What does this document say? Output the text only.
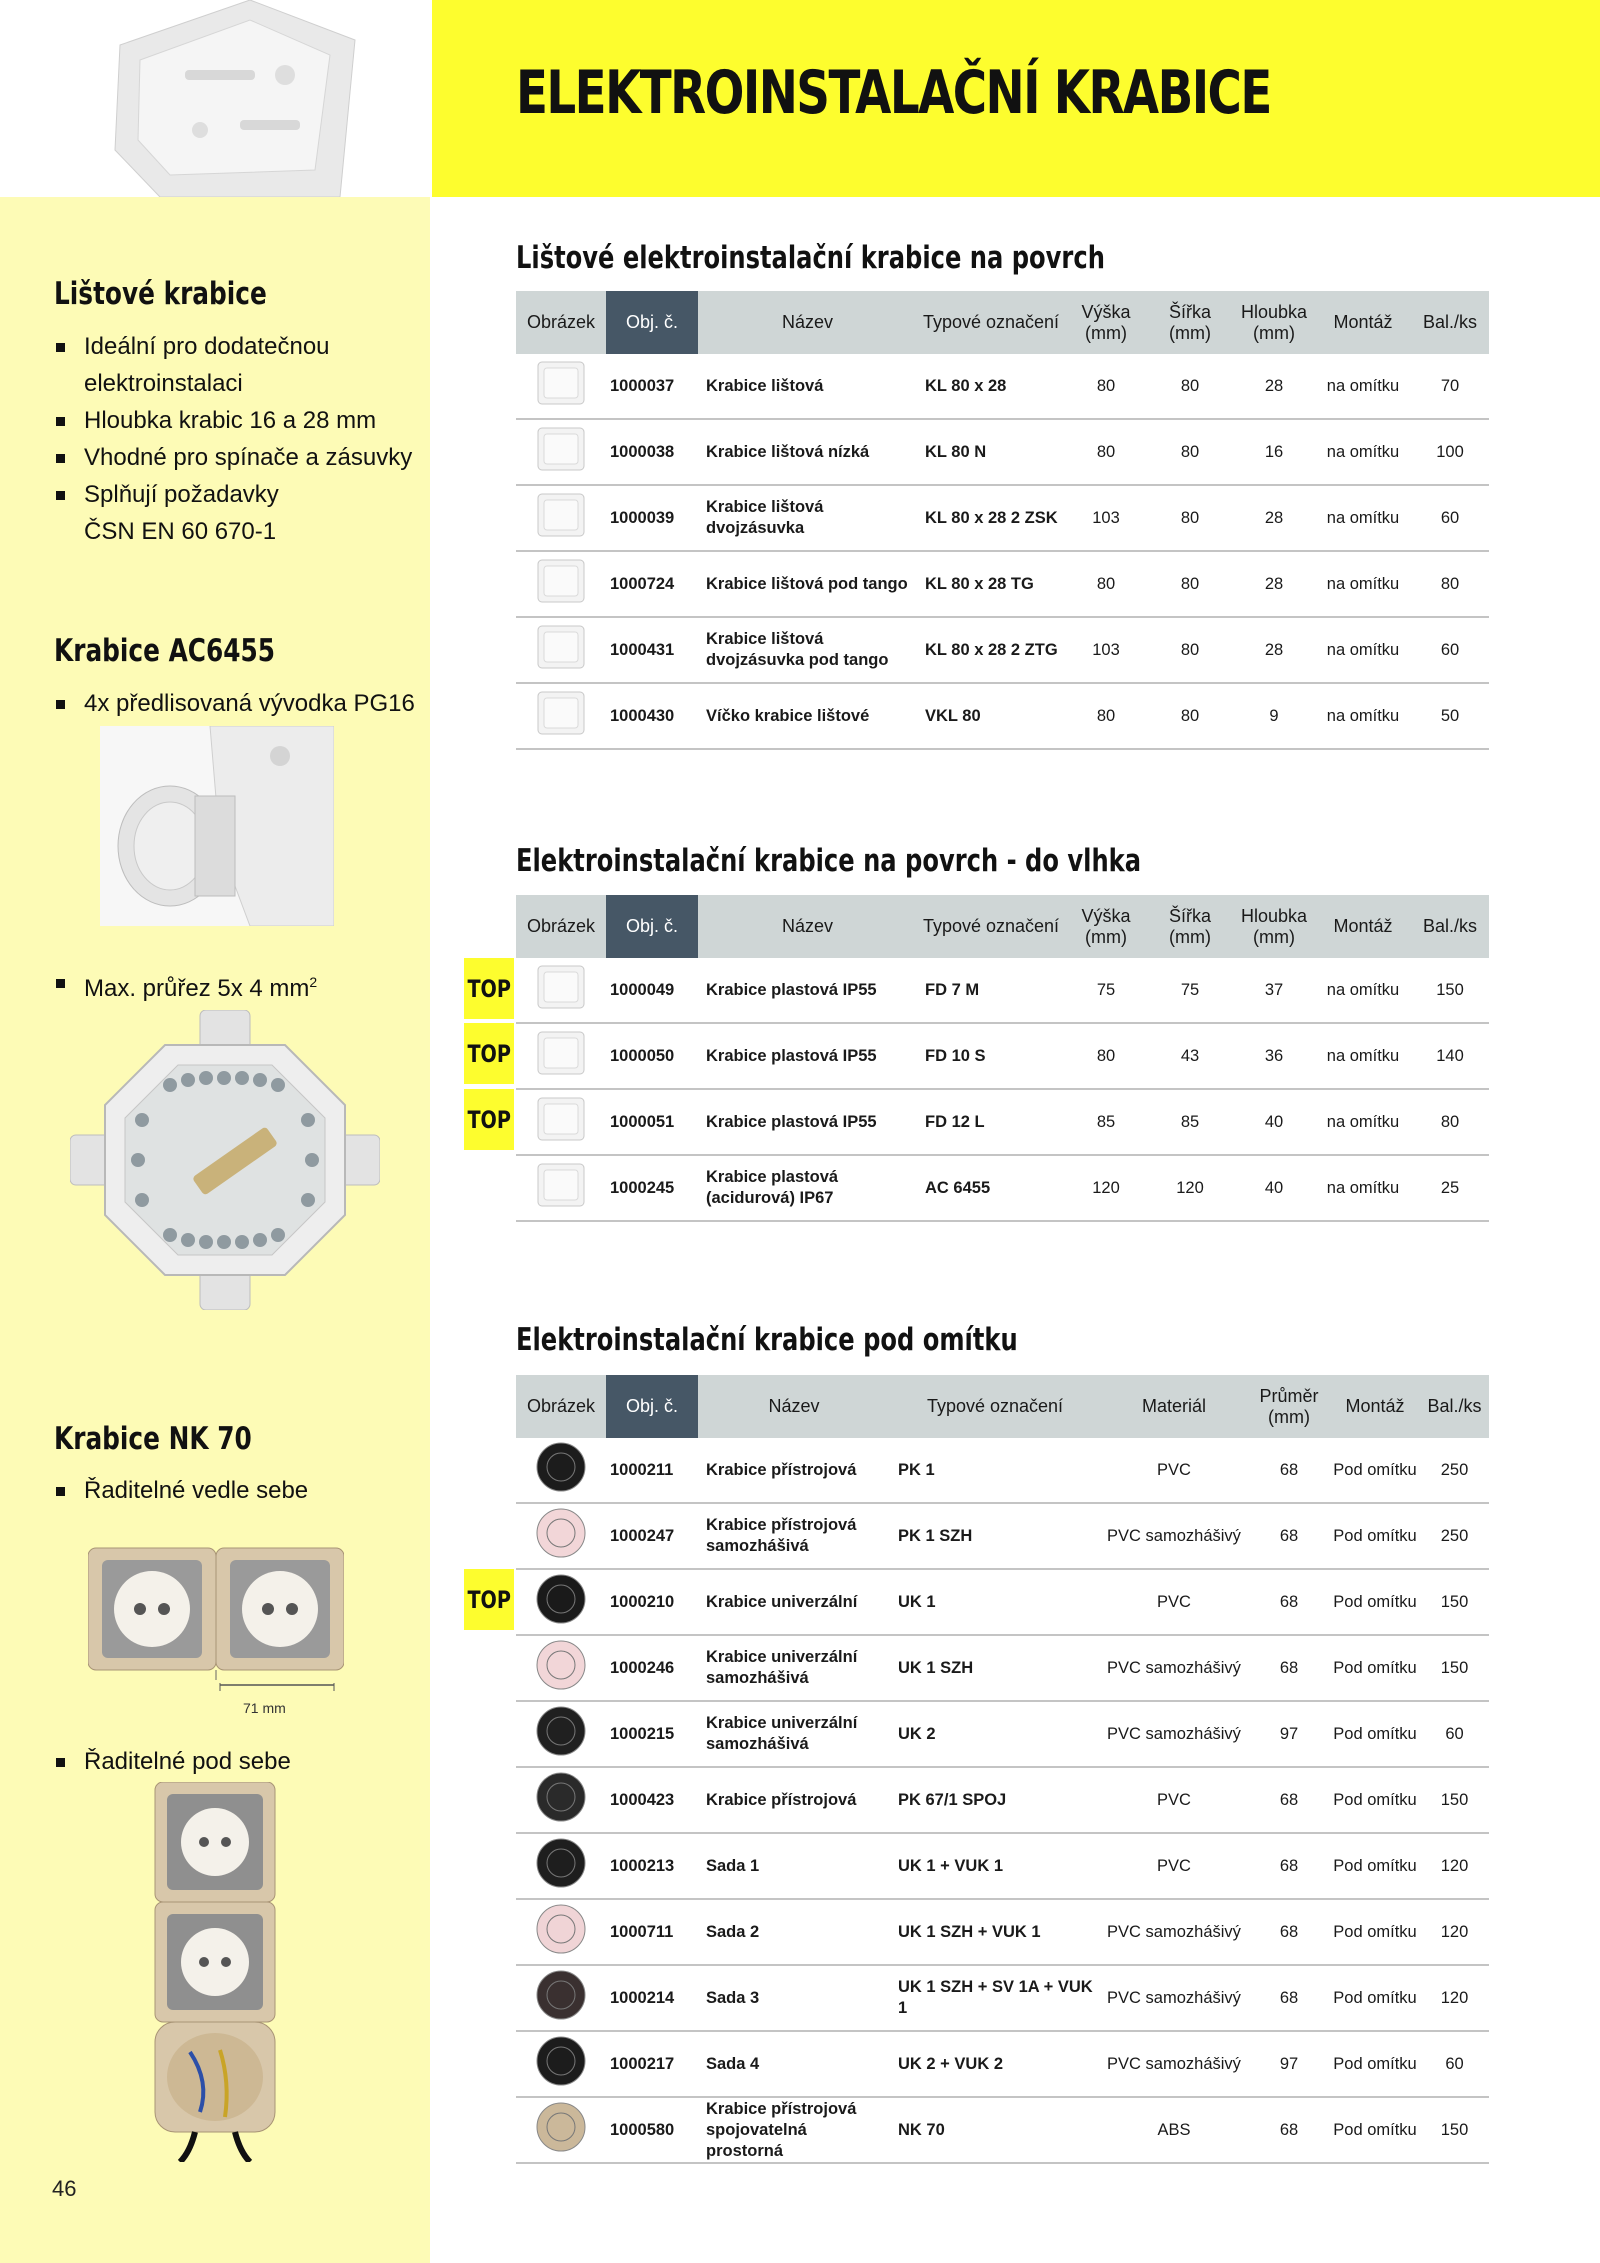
ELEKTROINSTALAČNÍ KRABICE
Lištové krabice
Ideální pro dodatečnou
elektroinstalaci
Hloubka krabic 16 a 28 mm
Vhodné pro spínače a zásuvky
Splňují požadavky
ČSN EN 60 670-1
Krabice AC6455
4x předlisovaná vývodka PG16
Max. průřez 5x 4 $mm^2$
Krabice NK 70
Řaditelné vedle sebe
71 mm
Řaditelné pod sebe
46
Lištové elektroinstalační krabice na povrch
Elektroinstalační krabice na povrch - do vlhka
Elektroinstalační krabice pod omítku
Obrázek	Obj. č.	Název	Typové označení	Výška (mm)	Šířka (mm)	Hloubka (mm)	Montáž	Bal./ks
	1000037	Krabice lištová	KL 80 x 28	80	80	28	na omítku	70
	1000038	Krabice lištová nízká	KL 80 N	80	80	16	na omítku	100
	1000039	Krabice lištová dvojzásuvka	KL 80 x 28 2 ZSK	103	80	28	na omítku	60
	1000724	Krabice lištová pod tango	KL 80 x 28 TG	80	80	28	na omítku	80
	1000431	Krabice lištová dvojzásuvka pod tango	KL 80 x 28 2 ZTG	103	80	28	na omítku	60
	1000430	Víčko krabice lištové	VKL 80	80	80	9	na omítku	50
Obrázek	Obj. č.	Název	Typové označení	Výška (mm)	Šířka (mm)	Hloubka (mm)	Montáž	Bal./ks
	1000049	Krabice plastová IP55	FD 7 M	75	75	37	na omítku	150
	1000050	Krabice plastová IP55	FD 10 S	80	43	36	na omítku	140
	1000051	Krabice plastová IP55	FD 12 L	85	85	40	na omítku	80
	1000245	Krabice plastová (acidurová) IP67	AC 6455	120	120	40	na omítku	25
Obrázek	Obj. č.	Název	Typové označení	Materiál	Průměr (mm)	Montáž	Bal./ks
	1000211	Krabice přístrojová	PK 1	PVC	68	Pod omítku	250
	1000247	Krabice přístrojová samozhášivá	PK 1 SZH	PVC samozhášivý	68	Pod omítku	250
	1000210	Krabice univerzální	UK 1	PVC	68	Pod omítku	150
	1000246	Krabice univerzální samozhášivá	UK 1 SZH	PVC samozhášivý	68	Pod omítku	150
	1000215	Krabice univerzální samozhášivá	UK 2	PVC samozhášivý	97	Pod omítku	60
	1000423	Krabice přístrojová	PK 67/1 SPOJ	PVC	68	Pod omítku	150
	1000213	Sada 1	UK 1 + VUK 1	PVC	68	Pod omítku	120
	1000711	Sada 2	UK 1 SZH + VUK 1	PVC samozhášivý	68	Pod omítku	120
	1000214	Sada 3	UK 1 SZH + SV 1A + VUK 1	PVC samozhášivý	68	Pod omítku	120
	1000217	Sada 4	UK 2 + VUK 2	PVC samozhášivý	97	Pod omítku	60
	1000580	Krabice přístrojová spojovatelná prostorná	NK 70	ABS	68	Pod omítku	150
TOP
TOP
TOP
TOP
